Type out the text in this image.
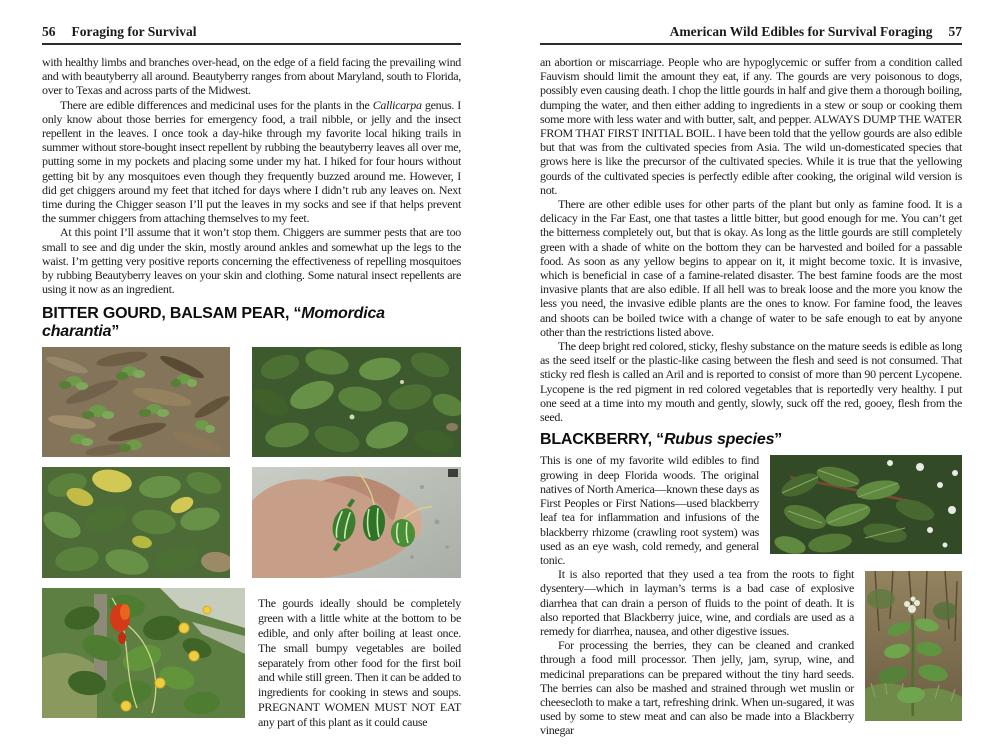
56 Foraging for Survival

with healthy limbs and branches over-head, on the edge of a field facing the prevailing wind and with beautyberry all around. Beautyberry ranges from about Maryland, south to Florida, over to Texas and across parts of the Midwest.

There are edible differences and medicinal uses for the plants in the Callicarpa genus. I only know about those berries for emergency food, a trail nibble, or jelly and the insect repellent in the leaves. I once took a day-hike through my favorite local hiking trails in summer without store-bought insect repellent by rubbing the beautyberry leaves all over me, putting some in my pockets and placing some under my hat. I hiked for four hours without getting bit by any mosquitoes even though they frequently buzzed around me. However, I did get chiggers around my feet that itched for days where I didn’t rub any leaves on. Next time during the Chigger season I’ll put the leaves in my socks and see if that helps prevent the summer chiggers from attaching themselves to my feet.

At this point I’ll assume that it won’t stop them. Chiggers are summer pests that are too small to see and dig under the skin, mostly around ankles and somewhat up the legs to the waist. I’m getting very positive reports concerning the effectiveness of repelling mosquitoes by rubbing Beautyberry leaves on your skin and clothing. Some natural insect repellents are using it now as an ingredient.

BITTER GOURD, BALSAM PEAR, “Momordica charantia”
The gourds ideally should be completely green with a little white at the bottom to be edible, and only after boiling at least once. The small bumpy vegetables are boiled separately from other food for the first boil and while still green. Then it can be added to ingredients for cooking in stews and soups. PREGNANT WOMEN MUST NOT EAT any part of this plant as it could cause
American Wild Edibles for Survival Foraging 57

an abortion or miscarriage. People who are hypoglycemic or suffer from a condition called Fauvism should limit the amount they eat, if any. The gourds are very poisonous to dogs, possibly even causing death. I chop the little gourds in half and give them a thorough boiling, dumping the water, and then either adding to ingredients in a stew or soup or cooking them some more with less water and with butter, salt, and pepper. ALWAYS DUMP THE WATER FROM THAT FIRST INITIAL BOIL. I have been told that the yellow gourds are also edible but that was from the cultivated species from Asia. The wild un-domesticated species that grows here is like the precursor of the cultivated species. While it is true that the yellowing gourds of the cultivated species is perfectly edible after cooking, the original wild version is not.

There are other edible uses for other parts of the plant but only as famine food. It is a delicacy in the Far East, one that tastes a little bitter, but good enough for me. You can’t get the bitterness completely out, but that is okay. As long as the little gourds are still completely green with a shade of white on the bottom they can be harvested and boiled for a passable food. As soon as any yellow begins to appear on it, it might become toxic. It is invasive, which is beneficial in case of a famine-related disaster. The best famine foods are the most invasive plants that are also edible. If all hell was to break loose and the more you know the less you need, the invasive edible plants are the ones to know. For famine food, the leaves and shoots can be boiled twice with a change of water to be safe enough to eat by anyone other than the restrictions listed above.

The deep bright red colored, sticky, fleshy substance on the mature seeds is edible as long as the seed itself or the plastic-like casing between the flesh and seed is not consumed. That sticky red flesh is called an Aril and is reported to consist of more than 90 percent Lycopene. Lycopene is the red pigment in red colored vegetables that is reportedly very healthy. I put one seed at a time into my mouth and gently, slowly, suck off the red, gooey, flesh from the seed.

BLACKBERRY, “Rubus species”

This is one of my favorite wild edibles to find growing in deep Florida woods. The original natives of North America—known these days as First Peoples or First Nations—used blackberry leaf tea for inflammation and infusions of the blackberry rhizome (crawling root system) was used as an eye wash, cold remedy, and general tonic.

It is also reported that they used a tea from the roots to fight dysentery—which in layman’s terms is a bad case of explosive diarrhea that can drain a person of fluids to the point of death. It is also reported that Blackberry juice, wine, and cordials are used as a remedy for diarrhea, nausea, and other digestive issues.

For processing the berries, they can be cleaned and cranked through a food mill processor. Then jelly, jam, syrup, wine, and medicinal preparations can be prepared without the tiny hard seeds. The berries can also be mashed and strained through wet muslin or cheesecloth to make a tart, refreshing drink. When un-sugared, it was used by some to stew meat and can also be made into a Blackberry vinegar
